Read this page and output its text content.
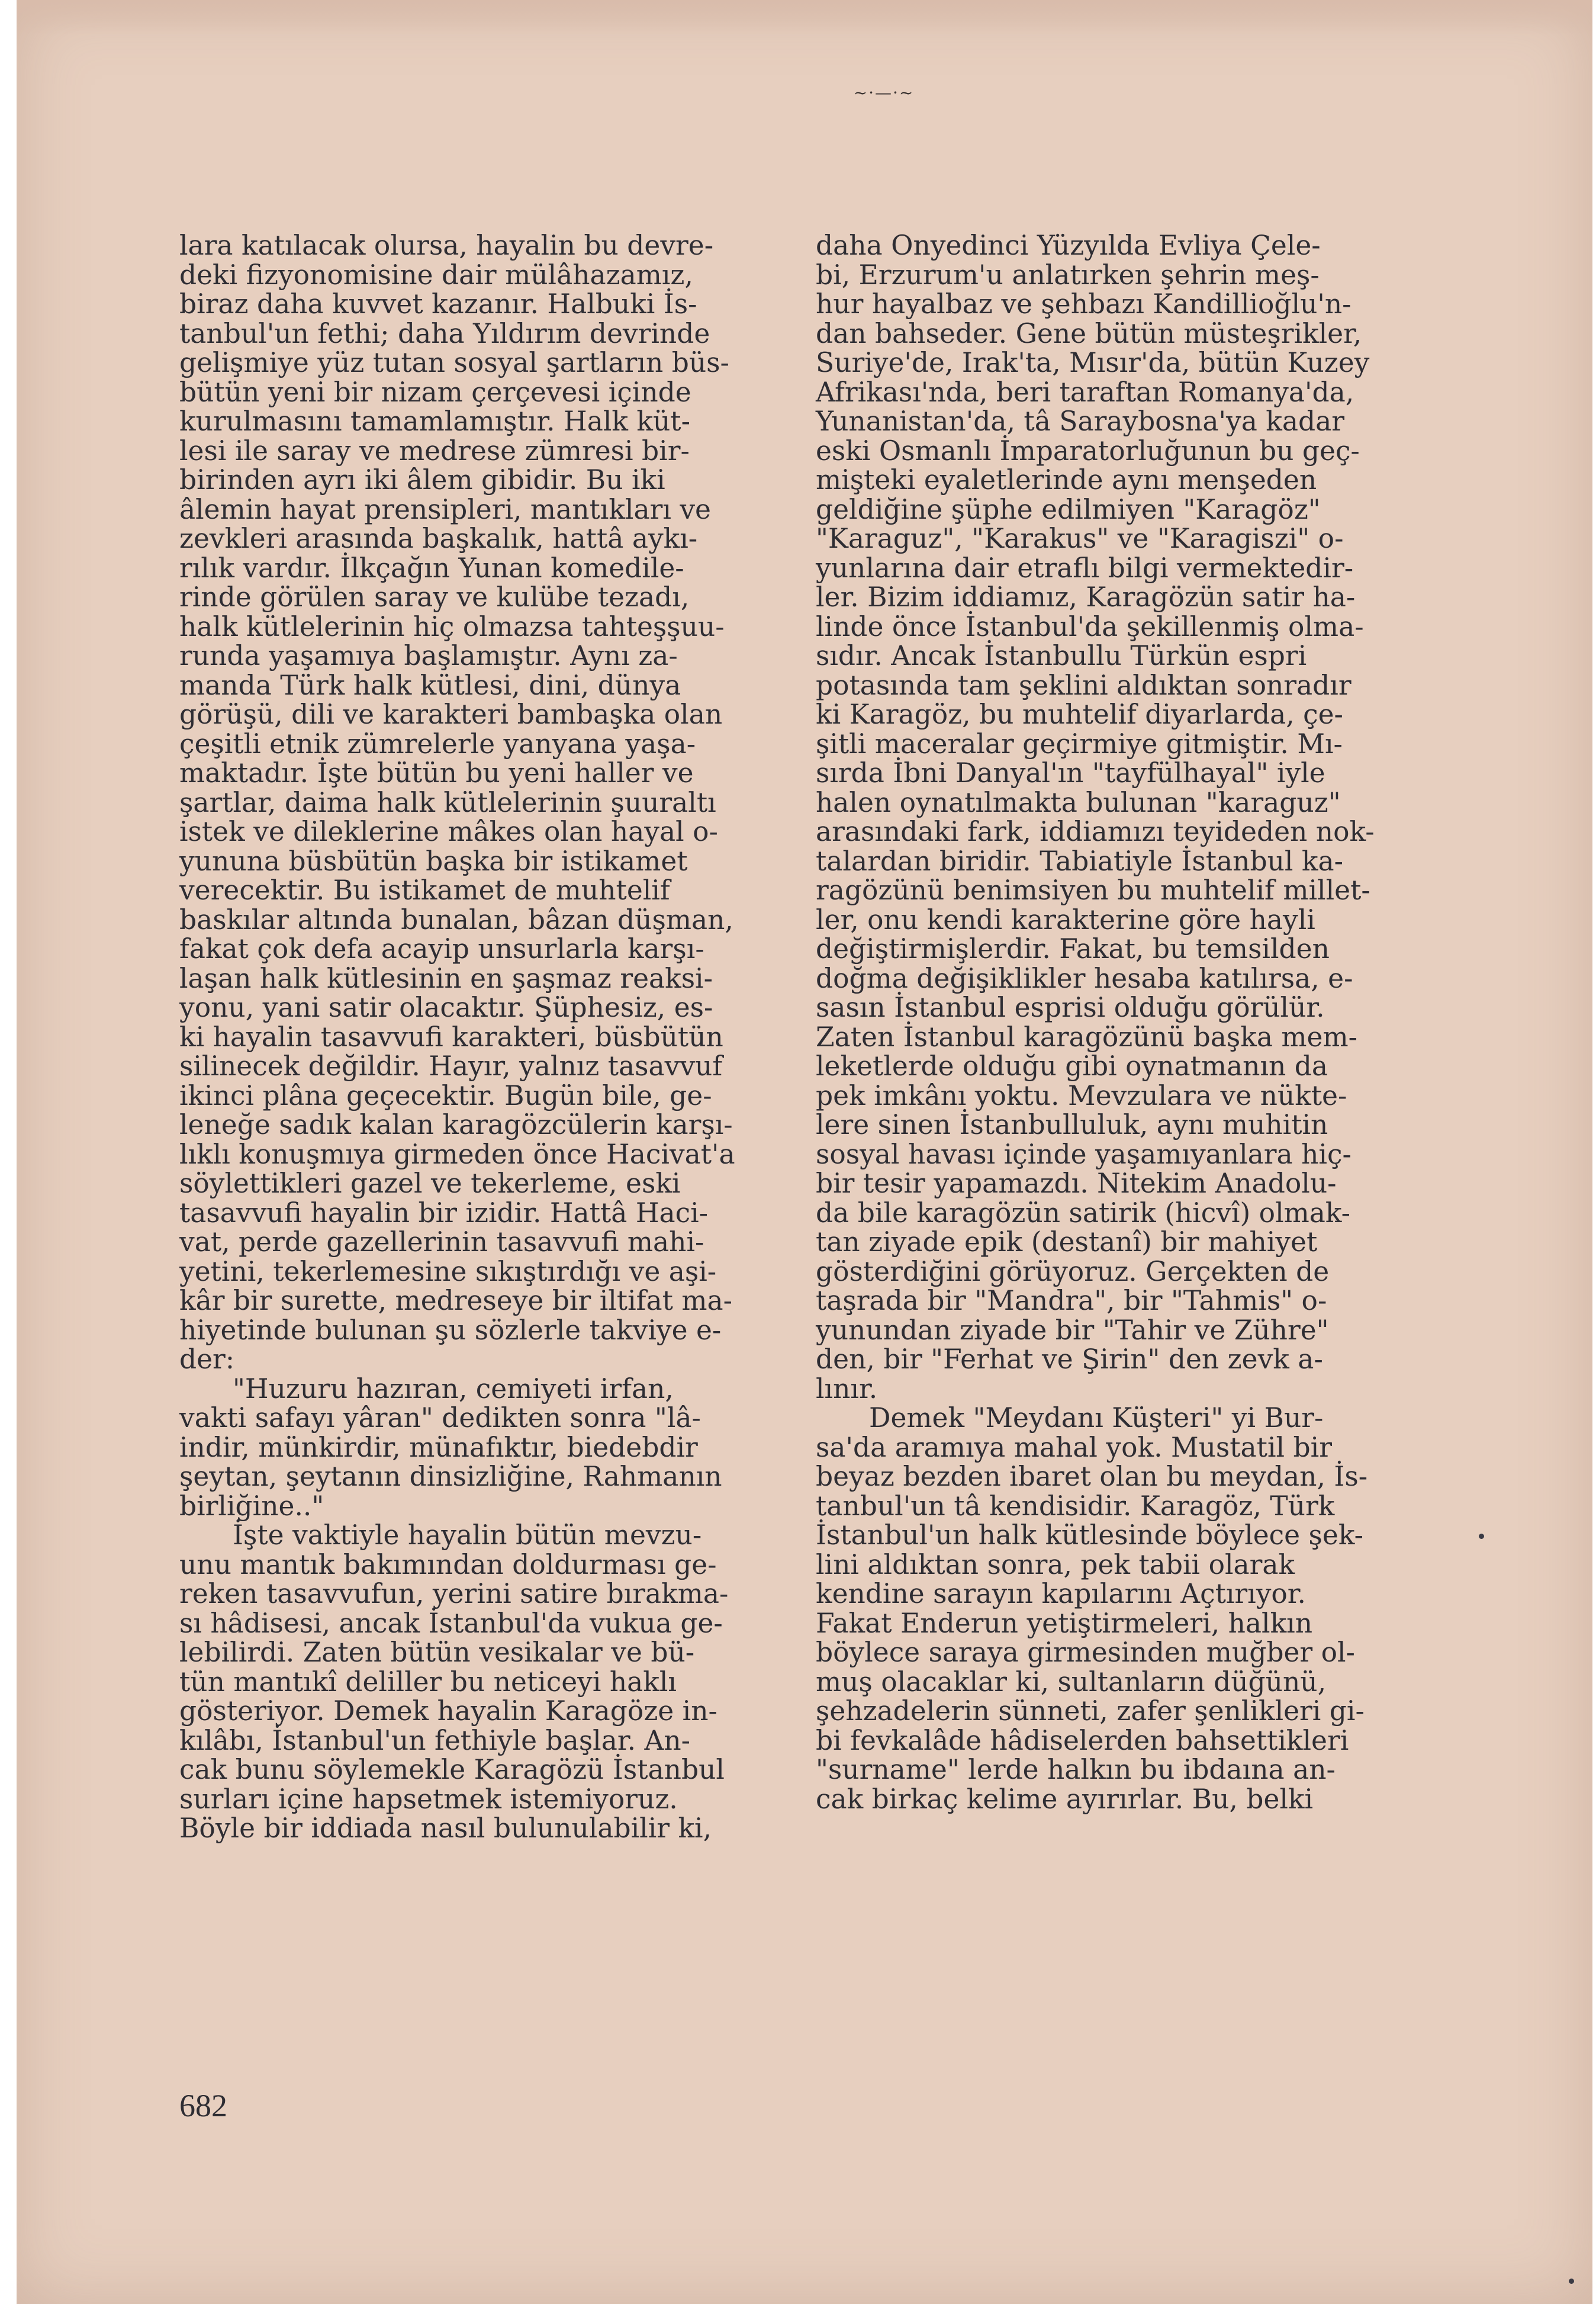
~·—·~

lara katılacak olursa, hayalin bu devre-

deki fizyonomisine dair mülâhazamız,

biraz daha kuvvet kazanır. Halbuki İs-

tanbul'un fethi; daha Yıldırım devrinde

gelişmiye yüz tutan sosyal şartların büs-

bütün yeni bir nizam çerçevesi içinde

kurulmasını tamamlamıştır. Halk küt-

lesi ile saray ve medrese zümresi bir-

birinden ayrı iki âlem gibidir. Bu iki

âlemin hayat prensipleri, mantıkları ve

zevkleri arasında başkalık, hattâ aykı-

rılık vardır. İlkçağın Yunan komedile-

rinde görülen saray ve kulübe tezadı,

halk kütlelerinin hiç olmazsa tahteşşuu-

runda yaşamıya başlamıştır. Aynı za-

manda Türk halk kütlesi, dini, dünya

görüşü, dili ve karakteri bambaşka olan

çeşitli etnik zümrelerle yanyana yaşa-

maktadır. İşte bütün bu yeni haller ve

şartlar, daima halk kütlelerinin şuuraltı

istek ve dileklerine mâkes olan hayal o-

yununa büsbütün başka bir istikamet

verecektir. Bu istikamet de muhtelif

baskılar altında bunalan, bâzan düşman,

fakat çok defa acayip unsurlarla karşı-

laşan halk kütlesinin en şaşmaz reaksi-

yonu, yani satir olacaktır. Şüphesiz, es-

ki hayalin tasavvufi karakteri, büsbütün

silinecek değildir. Hayır, yalnız tasavvuf

ikinci plâna geçecektir. Bugün bile, ge-

leneğe sadık kalan karagözcülerin karşı-

lıklı konuşmıya girmeden önce Hacivat'a

söylettikleri gazel ve tekerleme, eski

tasavvufi hayalin bir izidir. Hattâ Haci-

vat, perde gazellerinin tasavvufi mahi-

yetini, tekerlemesine sıkıştırdığı ve aşi-

kâr bir surette, medreseye bir iltifat ma-

hiyetinde bulunan şu sözlerle takviye e-

der:

"Huzuru hazıran, cemiyeti irfan,

vakti safayı yâran" dedikten sonra "lâ-

indir, münkirdir, münafıktır, biedebdir

şeytan, şeytanın dinsizliğine, Rahmanın

birliğine.."

İşte vaktiyle hayalin bütün mevzu-

unu mantık bakımından doldurması ge-

reken tasavvufun, yerini satire bırakma-

sı hâdisesi, ancak İstanbul'da vukua ge-

lebilirdi. Zaten bütün vesikalar ve bü-

tün mantıkî deliller bu neticeyi haklı

gösteriyor. Demek hayalin Karagöze in-

kılâbı, İstanbul'un fethiyle başlar. An-

cak bunu söylemekle Karagözü İstanbul

surları içine hapsetmek istemiyoruz.

Böyle bir iddiada nasıl bulunulabilir ki,

daha Onyedinci Yüzyılda Evliya Çele-

bi, Erzurum'u anlatırken şehrin meş-

hur hayalbaz ve şehbazı Kandillioğlu'n-

dan bahseder. Gene bütün müsteşrikler,

Suriye'de, Irak'ta, Mısır'da, bütün Kuzey

Afrikası'nda, beri taraftan Romanya'da,

Yunanistan'da, tâ Saraybosna'ya kadar

eski Osmanlı İmparatorluğunun bu geç-

mişteki eyaletlerinde aynı menşeden

geldiğine şüphe edilmiyen "Karagöz"

"Karaguz", "Karakus" ve "Karagiszi" o-

yunlarına dair etraflı bilgi vermektedir-

ler. Bizim iddiamız, Karagözün satir ha-

linde önce İstanbul'da şekillenmiş olma-

sıdır. Ancak İstanbullu Türkün espri

potasında tam şeklini aldıktan sonradır

ki Karagöz, bu muhtelif diyarlarda, çe-

şitli maceralar geçirmiye gitmiştir. Mı-

sırda İbni Danyal'ın "tayfülhayal" iyle

halen oynatılmakta bulunan "karaguz"

arasındaki fark, iddiamızı teyideden nok-

talardan biridir. Tabiatiyle İstanbul ka-

ragözünü benimsiyen bu muhtelif millet-

ler, onu kendi karakterine göre hayli

değiştirmişlerdir. Fakat, bu temsilden

doğma değişiklikler hesaba katılırsa, e-

sasın İstanbul esprisi olduğu görülür.

Zaten İstanbul karagözünü başka mem-

leketlerde olduğu gibi oynatmanın da

pek imkânı yoktu. Mevzulara ve nükte-

lere sinen İstanbulluluk, aynı muhitin

sosyal havası içinde yaşamıyanlara hiç-

bir tesir yapamazdı. Nitekim Anadolu-

da bile karagözün satirik (hicvî) olmak-

tan ziyade epik (destanî) bir mahiyet

gösterdiğini görüyoruz. Gerçekten de

taşrada bir "Mandra", bir "Tahmis" o-

yunundan ziyade bir "Tahir ve Zühre"

den, bir "Ferhat ve Şirin" den zevk a-

lınır.

Demek "Meydanı Küşteri" yi Bur-

sa'da aramıya mahal yok. Mustatil bir

beyaz bezden ibaret olan bu meydan, İs-

tanbul'un tâ kendisidir. Karagöz, Türk

İstanbul'un halk kütlesinde böylece şek-

lini aldıktan sonra, pek tabii olarak

kendine sarayın kapılarını Açtırıyor.

Fakat Enderun yetiştirmeleri, halkın

böylece saraya girmesinden muğber ol-

muş olacaklar ki, sultanların düğünü,

şehzadelerin sünneti, zafer şenlikleri gi-

bi fevkalâde hâdiselerden bahsettikleri

"surname" lerde halkın bu ibdaına an-

cak birkaç kelime ayırırlar. Bu, belki

682
